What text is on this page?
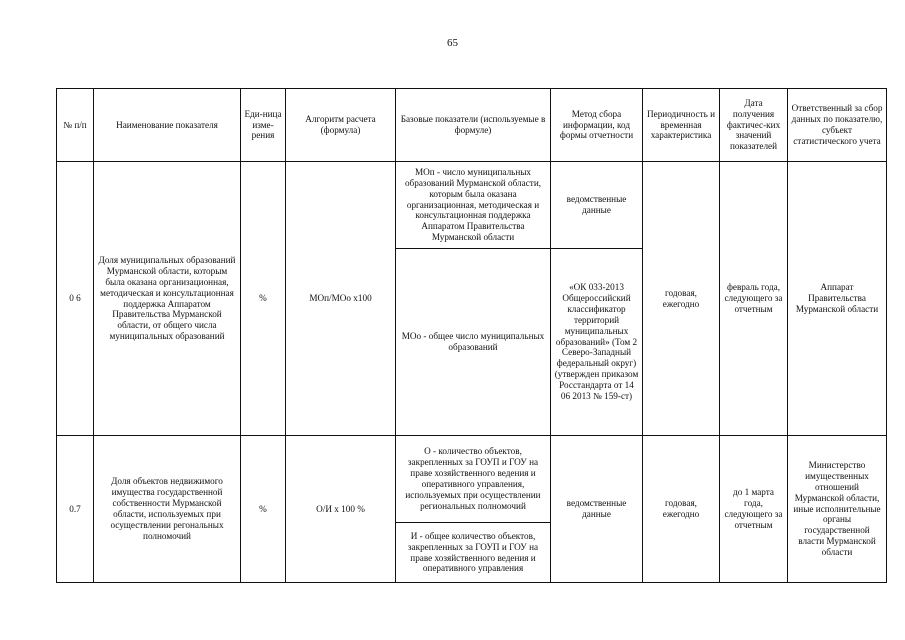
65
№ п/п	Наименование показателя	Еди-ница изме-рения	Алгоритм расчета (формула)	Базовые показатели (используемые в формуле)	Метод сбора информации, код формы отчетности	Периодичность и временная характеристика	Дата получения фактичес-ких значений показателей	Ответственный за сбор данных по показателю, субъект статистического учета
0 6	Доля муниципальных образований Мурманской области, которым была оказана организационная, методическая и консультационная поддержка Аппаратом Правительства Мурманской области, от общего числа муниципальных образований	%	МОп/МОо х100	МОп - число муниципальных образований Мурманской области, которым была оказана организационная, методическая и консультационная поддержка Аппаратом Правительства Мурманской области	ведомственные данные	годовая, ежегодно	февраль года, следующего за отчетным	Аппарат Правительства Мурманской области
				МОо - общее число муниципальных образований	«ОК 033-2013 Общероссийский классификатор территорий муниципальных образований» (Том 2 Северо-Западный федеральный округ) (утвержден приказом Росстандарта от 14 06 2013 № 159-ст)			
0.7	Доля объектов недвижимого имущества государственной собственности Мурманской области, используемых при осуществлении регональных полномочий	%	О/И х 100 %	О - количество объектов, закрепленных за ГОУП и ГОУ на праве хозяйственного ведения и оперативного управления, используемых при осуществлении региональных полномочий	ведомственные данные	годовая, ежегодно	до 1 марта года, следующего за отчетным	Министерство имущественных отношений Мурманской области, иные исполнительные органы государственной власти Мурманской области
				И - общее количество объектов, закрепленных за ГОУП и ГОУ на праве хозяйственного ведения и оперативного управления				
